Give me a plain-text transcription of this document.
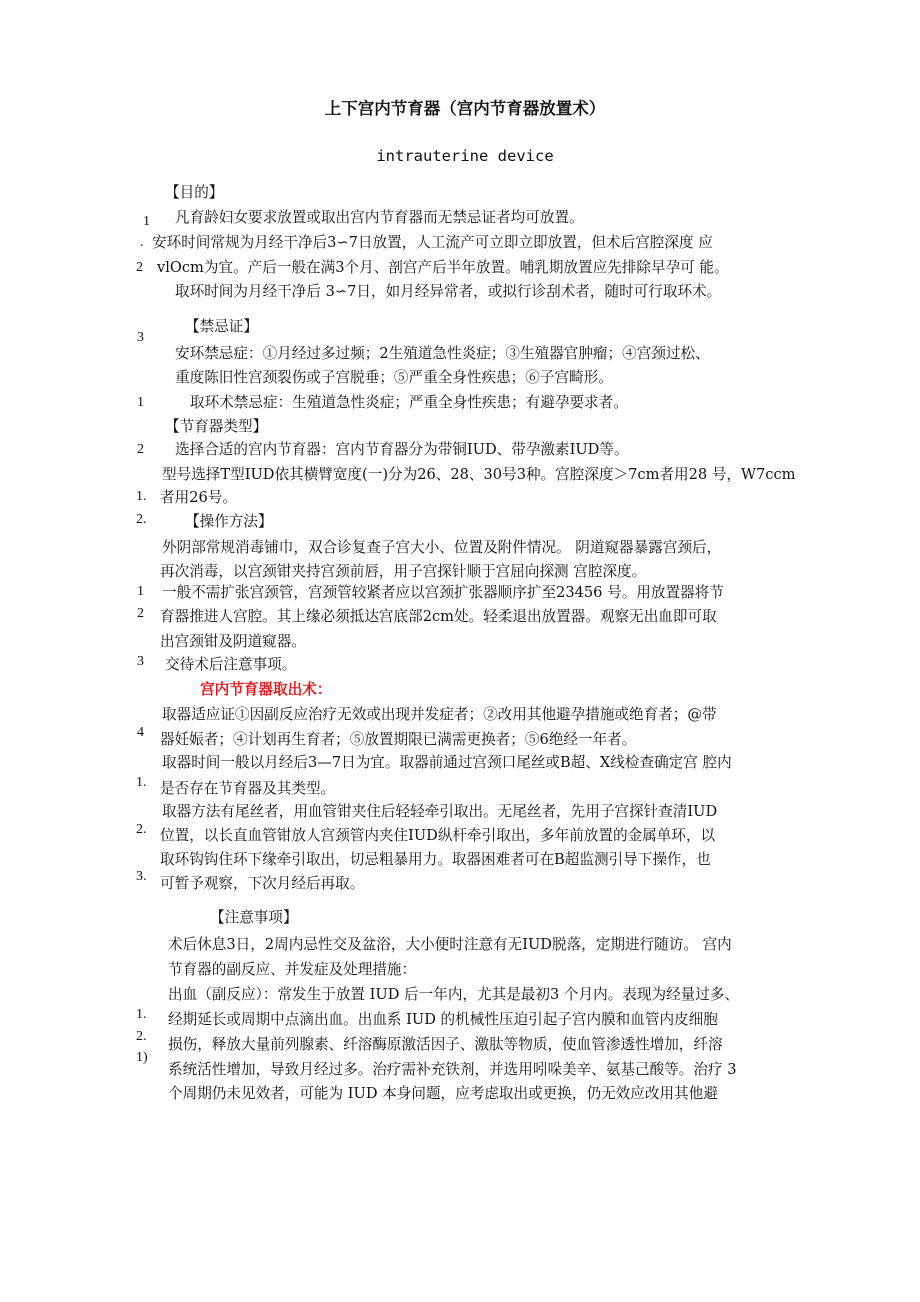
上下宫内节育器（宫内节育器放置术）
intrauterine device
【目的】
凡育龄妇女要求放置或取出宫内节育器而无禁忌证者均可放置。
安环时间常规为月经干净后3∽7日放置，人工流产可立即立即放置，但术后宫腔深度 应
vlOcm为宜。产后一般在满3个月、剖宫产后半年放置。哺乳期放置应先排除早孕可 能。
取环时间为月经干净后 3∽7日，如月经异常者，或拟行诊刮术者，随时可行取环术。
【禁忌证】
安环禁忌症：①月经过多过频；2生殖道急性炎症；③生殖器官肿瘤；④宫颈过松、
重度陈旧性宫颈裂伤或子宫脱垂；⑤严重全身性疾患；⑥子宫畸形。
取环术禁忌症：生殖道急性炎症；严重全身性疾患；有避孕要求者。
【节育器类型】
选择合适的宫内节育器：宫内节育器分为带铜IUD、带孕激素IUD等。
型号选择T型IUD依其横臂宽度(一)分为26、28、30号3种。宫腔深度＞7cm者用28 号，W7ccm
者用26号。
【操作方法】
外阴部常规消毒铺巾，双合诊复查子宫大小、位置及附件情况。 阴道窥器暴露宫颈后，
再次消毒，以宫颈钳夹持宫颈前唇，用子宫探针顺于宫屈向探测 宫腔深度。
一般不需扩张宫颈管，宫颈管较紧者应以宫颈扩张器顺序扩至23456 号。用放置器将节
育器推进人宫腔。其上缘必须抵达宫底部2cm处。轻柔退出放置器。观察无出血即可取
出宫颈钳及阴道窥器。
交待术后注意事项。
宫内节育器取出术：
取器适应证①因副反应治疗无效或出现并发症者；②改用其他避孕措施或绝育者；@带
器妊娠者；④计划再生育者；⑤放置期限已满需更换者；⑤6绝经一年者。
取器时间一般以月经后3—7日为宜。取器前通过宫颈口尾丝或B超、X线检查确定宫 腔内
是否存在节育器及其类型。
取器方法有尾丝者，用血管钳夹住后轻轻牵引取出。无尾丝者，先用子宫探针查清IUD
位置，以长直血管钳放人宫颈管内夹住IUD纵杆牵引取出，多年前放置的金属单环，以
取环钩钩住环下缘牵引取出，切忌粗暴用力。取器困难者可在B超监测引导下操作，也
可暂予观察，下次月经后再取。
【注意事项】
术后休息3日，2周内忌性交及盆浴，大小便时注意有无IUD脱落，定期进行随访。 宫内
节育器的副反应、并发症及处理措施：
出血（副反应）：常发生于放置 IUD 后一年内，尤其是最初3 个月内。表现为经量过多、
经期延长或周期中点滴出血。出血系 IUD 的机械性压迫引起子宫内膜和血管内皮细胞
损伤，释放大量前列腺素、纤溶酶原激活因子、激肽等物质，使血管渗透性增加，纤溶
系统活性增加，导致月经过多。治疗需补充铁剂，并选用吲哚美辛、氨基己酸等。治疗 3
个周期仍未见效者，可能为 IUD 本身问题，应考虑取出或更换，仍无效应改用其他避
1
.
2
3
1
2
1.
2.
1
2
3
4
1.
2.
3.
1.
2.
1)
